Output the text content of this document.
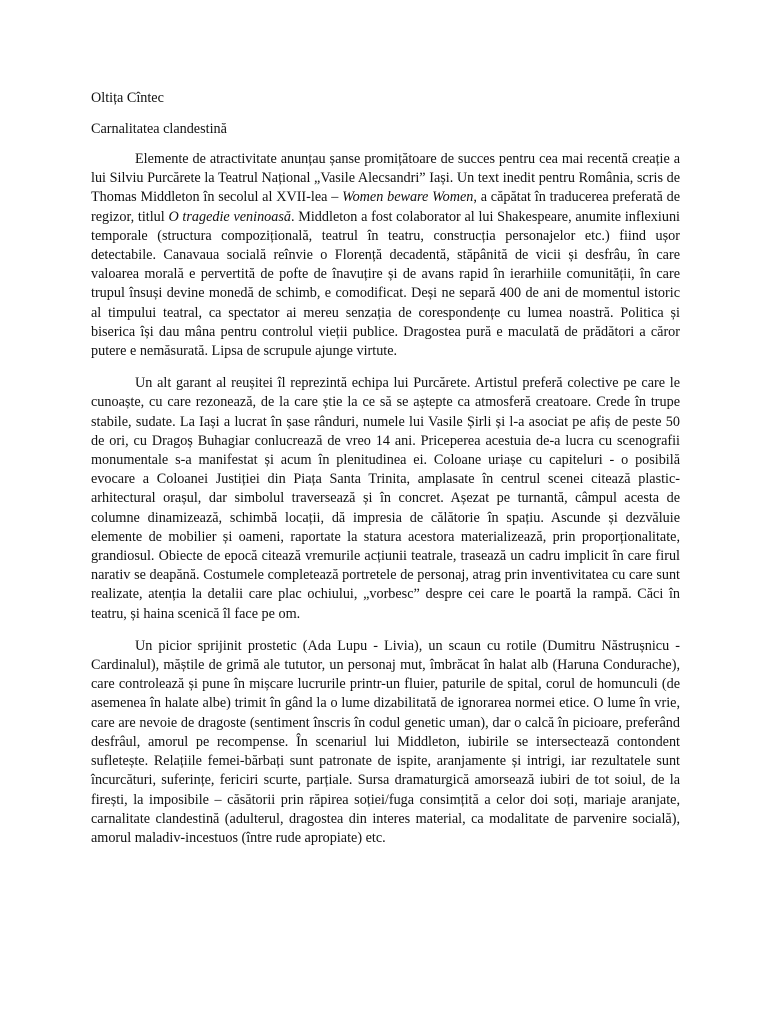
Oltița Cîntec

Carnalitatea clandestină

Elemente de atractivitate anunțau șanse promițătoare de succes pentru cea mai recentă creație a lui Silviu Purcărete la Teatrul Național „Vasile Alecsandri” Iași. Un text inedit pentru România, scris de Thomas Middleton în secolul al XVII-lea – Women beware Women, a căpătat în traducerea preferată de regizor, titlul O tragedie veninoasă. Middleton a fost colaborator al lui Shakespeare, anumite inflexiuni temporale (structura compozițională, teatrul în teatru, construcția personajelor etc.) fiind ușor detectabile. Canavaua socială reînvie o Florență decadentă, stăpânită de vicii și desfrâu, în care valoarea morală e pervertită de pofte de înavuțire și de avans rapid în ierarhiile comunității, în care trupul însuși devine monedă de schimb, e comodificat. Deși ne separă 400 de ani de momentul istoric al timpului teatral, ca spectator ai mereu senzația de corespondențe cu lumea noastră. Politica și biserica își dau mâna pentru controlul vieții publice. Dragostea pură e maculată de prădători a căror putere e nemăsurată. Lipsa de scrupule ajunge virtute.

Un alt garant al reușitei îl reprezintă echipa lui Purcărete. Artistul preferă colective pe care le cunoaște, cu care rezonează, de la care știe la ce să se aștepte ca atmosferă creatoare. Crede în trupe stabile, sudate. La Iași a lucrat în șase rânduri, numele lui Vasile Șirli și l-a asociat pe afiș de peste 50 de ori, cu Dragoș Buhagiar conlucrează de vreo 14 ani. Priceperea acestuia de-a lucra cu scenografii monumentale s-a manifestat și acum în plenitudinea ei. Coloane uriașe cu capiteluri - o posibilă evocare a Coloanei Justiției din Piața Santa Trinita, amplasate în centrul scenei citează plastic-arhitectural orașul, dar simbolul traversează și în concret. Așezat pe turnantă, câmpul acesta de columne dinamizează, schimbă locații, dă impresia de călătorie în spațiu. Ascunde și dezvăluie elemente de mobilier și oameni, raportate la statura acestora materializează, prin proporționalitate, grandiosul. Obiecte de epocă citează vremurile acțiunii teatrale, trasează un cadru implicit în care firul narativ se deapănă. Costumele completează portretele de personaj, atrag prin inventivitatea cu care sunt realizate, atenția la detalii care plac ochiului, „vorbesc” despre cei care le poartă la rampă. Căci în teatru, și haina scenică îl face pe om.

Un picior sprijinit prostetic (Ada Lupu - Livia), un scaun cu rotile (Dumitru Năstrușnicu - Cardinalul), măștile de grimă ale tututor, un personaj mut, îmbrăcat în halat alb (Haruna Condurache), care controlează și pune în mișcare lucrurile printr-un fluier, paturile de spital, corul de homunculi (de asemenea în halate albe) trimit în gând la o lume dizabilitată de ignorarea normei etice. O lume în vrie, care are nevoie de dragoste (sentiment înscris în codul genetic uman), dar o calcă în picioare, preferând desfrâul, amorul pe recompense. În scenariul lui Middleton, iubirile se intersectează contondent sufletește. Relațiile femei-bărbați sunt patronate de ispite, aranjamente și intrigi, iar rezultatele sunt încurcături, suferințe, fericiri scurte, parțiale. Sursa dramaturgică amorsează iubiri de tot soiul, de la firești, la imposibile – căsătorii prin răpirea soției/fuga consimțită a celor doi soți, mariaje aranjate, carnalitate clandestină (adulterul, dragostea din interes material, ca modalitate de parvenire socială), amorul maladiv-incestuos (între rude apropiate) etc.
